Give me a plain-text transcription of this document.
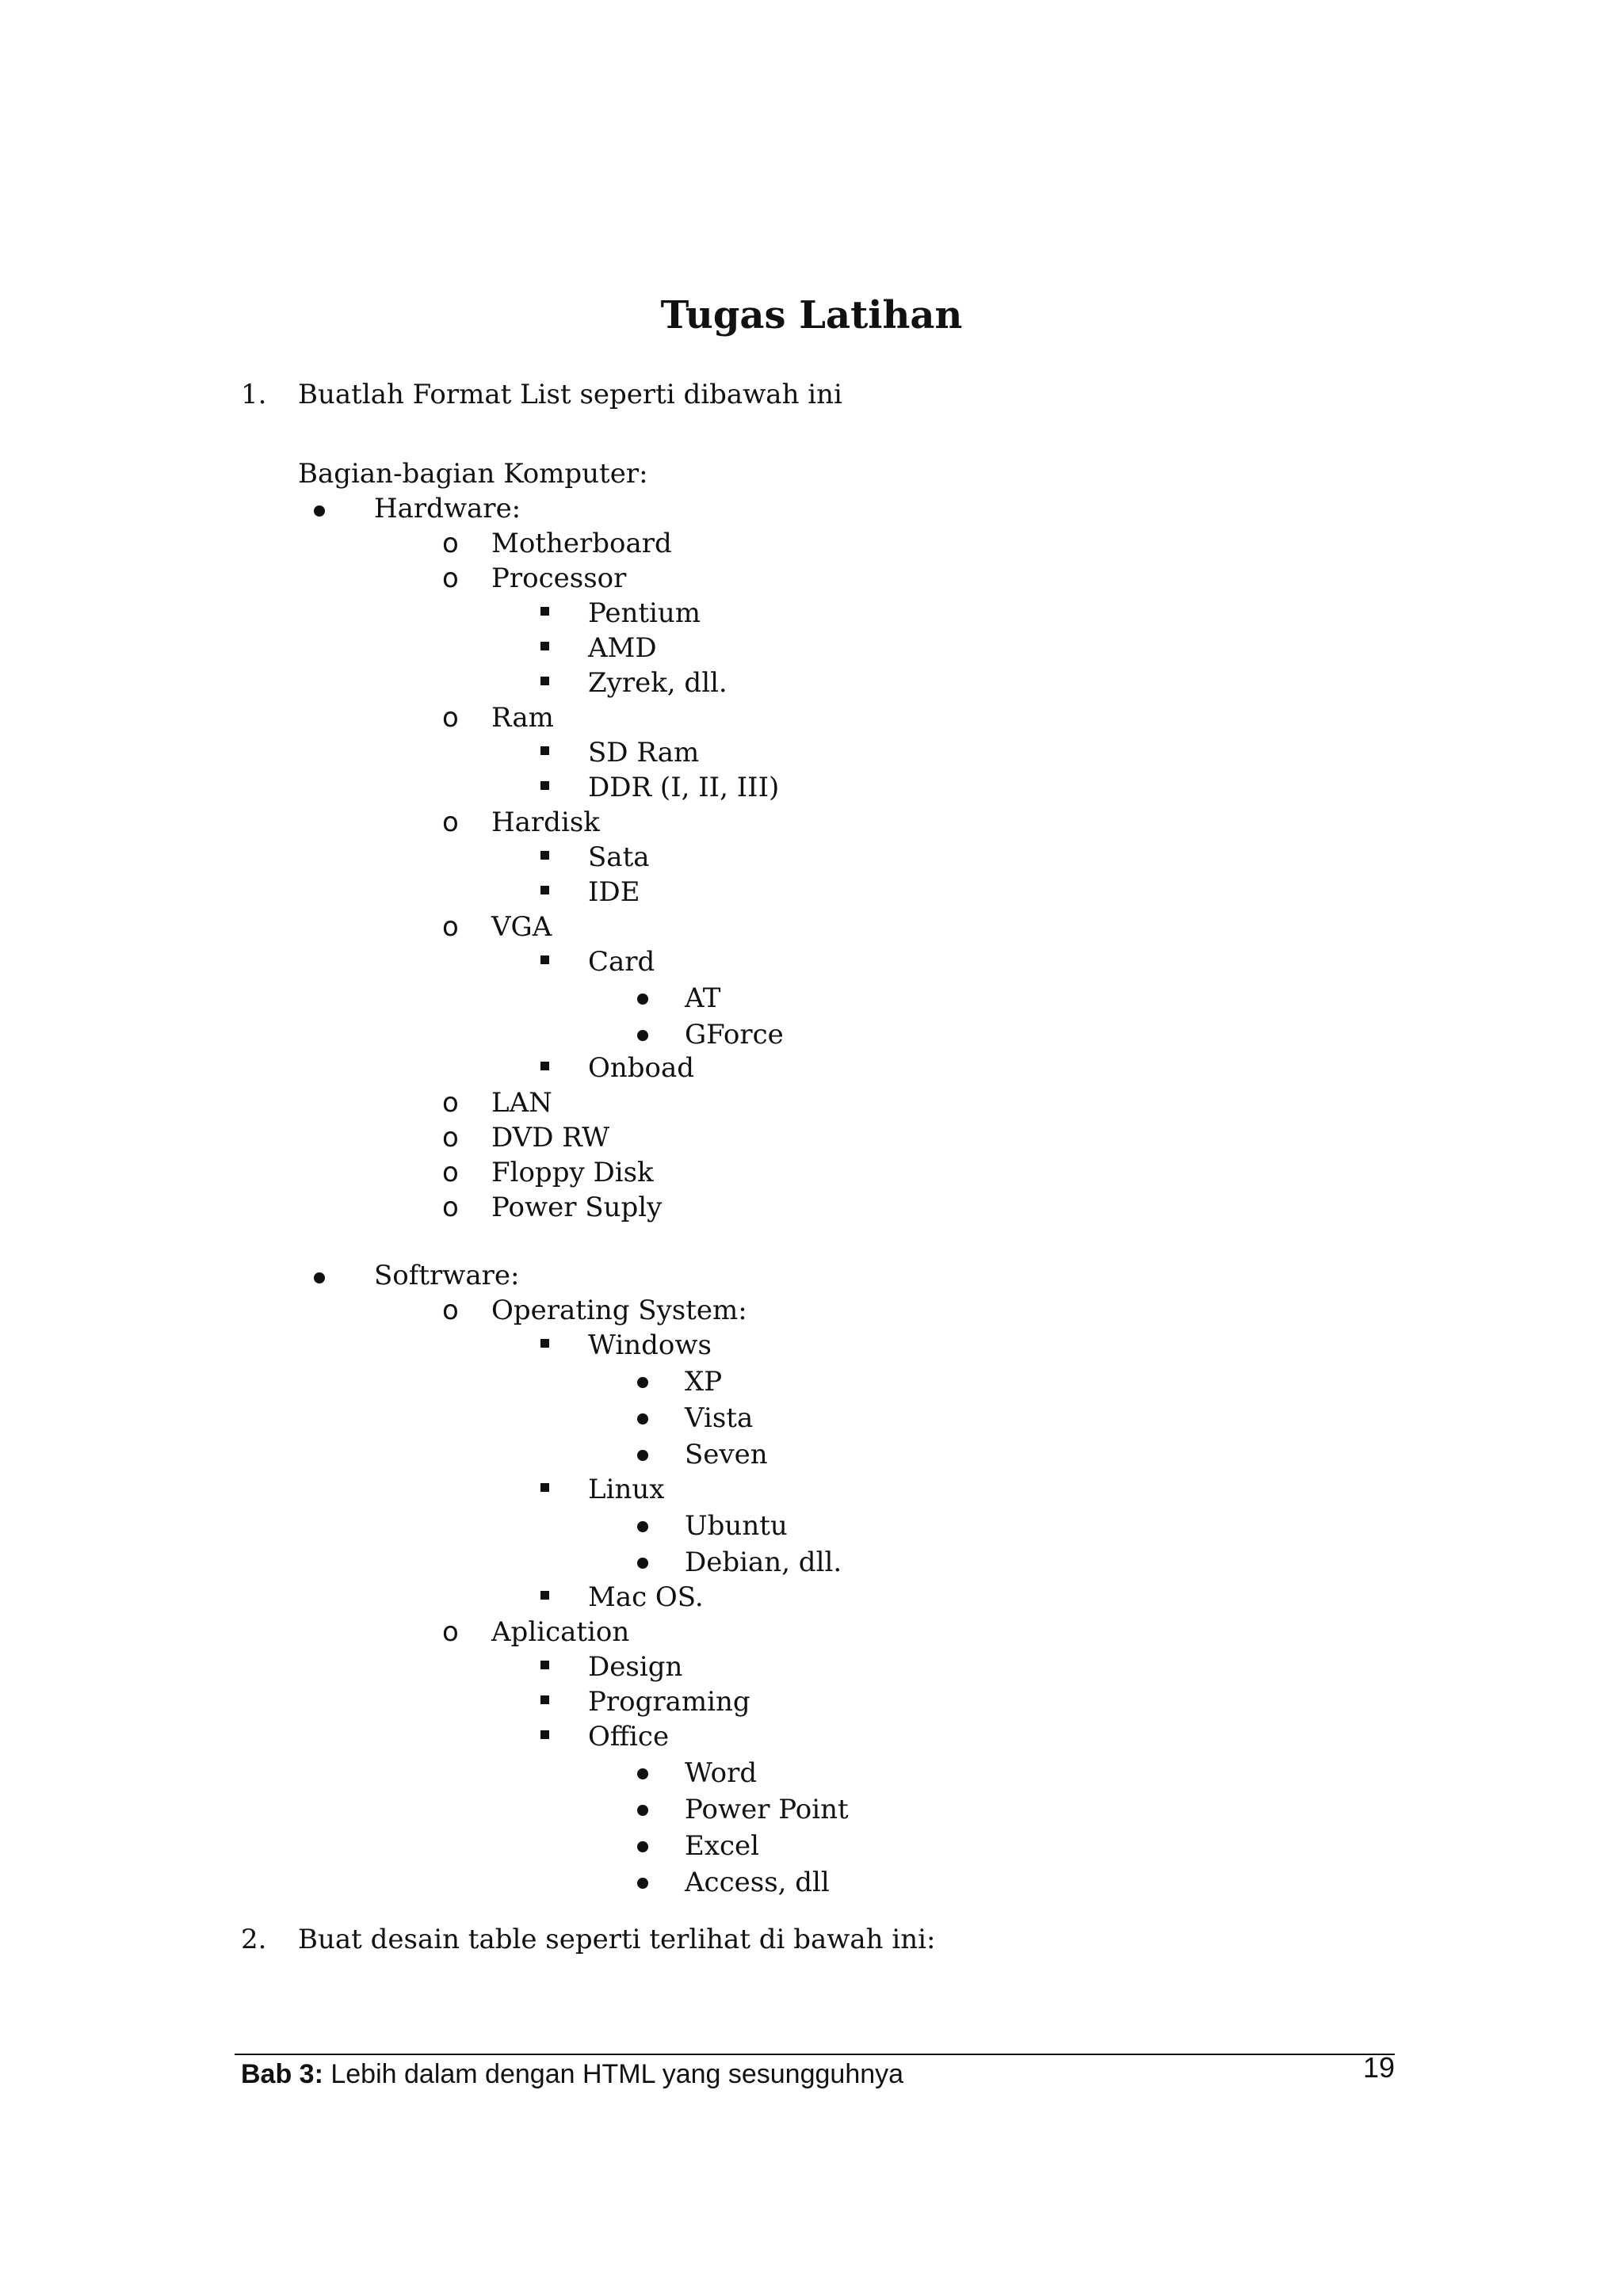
Tugas Latihan
1. Buatlah Format List seperti dibawah ini
Bagian-bagian Komputer:
Hardware:
o Motherboard
o Processor
Pentium
AMD
Zyrek, dll.
o Ram
SD Ram
DDR (I, II, III)
o Hardisk
Sata
IDE
o VGA
Card
AT
GForce
Onboad
o LAN
o DVD RW
o Floppy Disk
o Power Suply
Softrware:
o Operating System:
Windows
XP
Vista
Seven
Linux
Ubuntu
Debian, dll.
Mac OS.
o Aplication
Design
Programing
Office
Word
Power Point
Excel
Access, dll
2. Buat desain table seperti terlihat di bawah ini:
Bab 3: Lebih dalam dengan HTML yang sesungguhnya	19
